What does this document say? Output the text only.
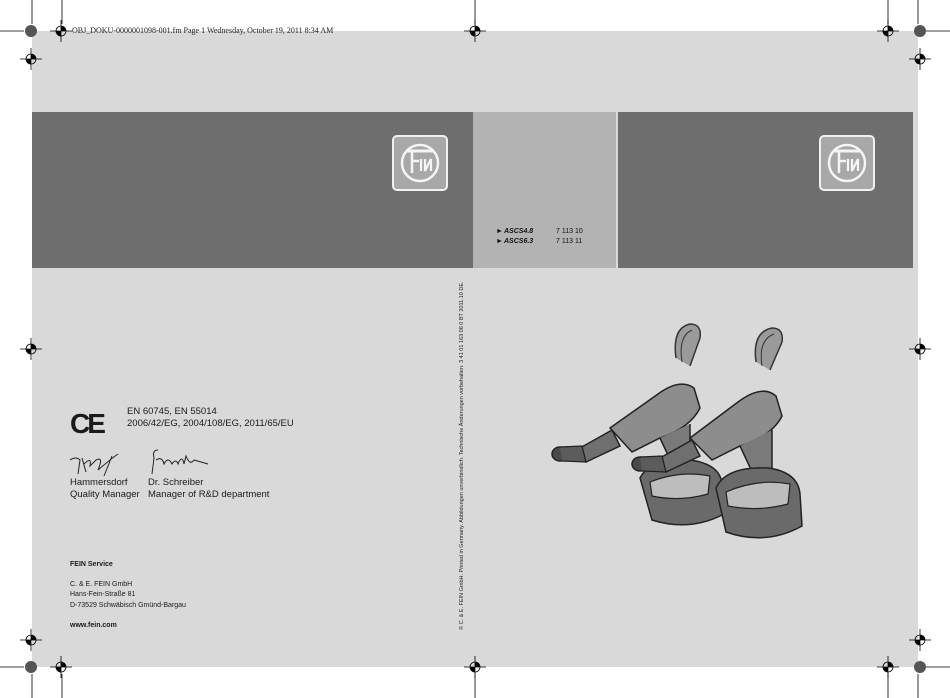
OBJ_DOKU-0000001098-001.fm Page 1 Wednesday, October 19, 2011 8:34 AM
► ASCS4.8	7 113 10
► ASCS6.3	7 113 11
CE	EN 60745, EN 55014
2006/42/EG, 2004/108/EG, 2011/65/EU
Hammersdorf
Quality Manager
Dr. Schreiber
Manager of R&D department
FEIN Service
C. & E. FEIN GmbH
Hans-Fein-Straße 81
D-73529 Schwäbisch Gmünd-Bargau
www.fein.com	© C. & E. FEIN GmbH. Printed in Germany. Abbildungen unverbindlich. Technische Änderungen vorbehalten. 3 41 01 163 06 0 BT 2011.10 DE.
